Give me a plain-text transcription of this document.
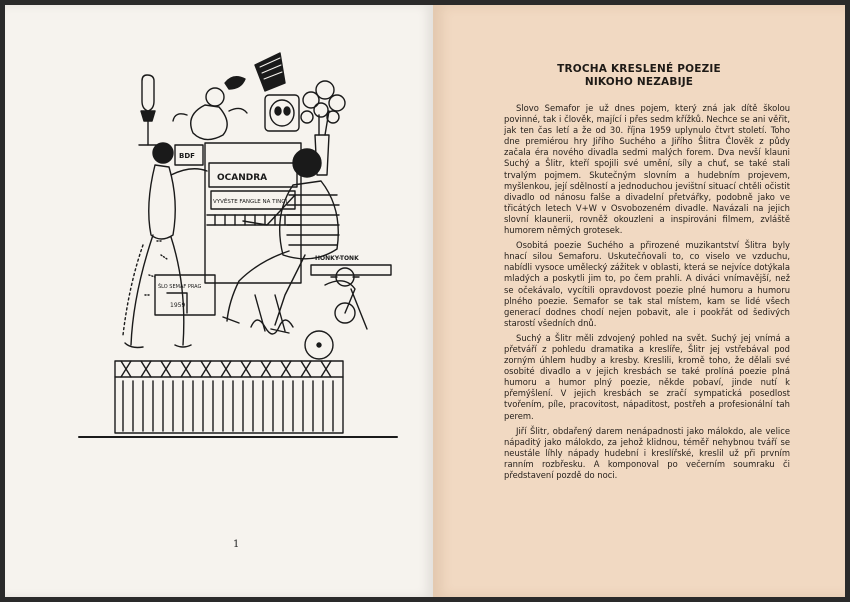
OCANDRA
VYVĚSTE FANGLE NA TINGL
HONKY-TONK
BDF
ŠLO SEMAF PRAG
1959
1
TROCHA KRESLENÉ POEZIE
NIKOHO NEZABIJE

Slovo Semafor je už dnes pojem, který zná jak dítě školou povinné, tak i člověk, mající i přes sedm křížků. Nechce se ani věřit, jak ten čas letí a že od 30. října 1959 uplynulo čtvrt století. Toho dne premiérou hry Jiřího Suchého a Jiřího Šlitra Člověk z půdy začala éra nového divadla sedmi malých forem. Dva nevší klauni Suchý a Šlitr, kteří spojili své umění, síly a chuť, se také stali trvalým pojmem. Skutečným slovním a hudebním projevem, myšlenkou, její sdělností a jednoduchou jevištní situací chtěli očistit divadlo od nánosu falše a divadelní přetvářky, podobně jako ve třicátých letech V+W v Osvobozeném divadle. Navázali na jejich slovní klaunerii, rovněž okouzleni a inspirováni filmem, zvláště humorem němých grotesek.

Osobitá poezie Suchého a přirozené muzikantství Šlitra byly hnací silou Semaforu. Uskutečňovali to, co viselo ve vzduchu, nabídli vysoce umělecký zážitek v oblasti, která se nejvíce dotýkala mladých a poskytli jim to, po čem prahli. A diváci vnímavější, než se očekávalo, vycítili opravdovost poezie plné humoru a humoru plného poezie. Semafor se tak stal místem, kam se lidé všech generací dodnes chodí nejen pobavit, ale i pookřát od šedivých starostí všedních dnů.

Suchý a Šlitr měli zdvojený pohled na svět. Suchý jej vnímá a přetváří z pohledu dramatika a kreslíře, Šlitr jej vstřebával pod zorným úhlem hudby a kresby. Kreslili, kromě toho, že dělali své osobité divadlo a v jejich kresbách se také prolíná poezie plná humoru a humor plný poezie, někde pobaví, jinde nutí k přemýšlení. V jejich kresbách se zračí sympatická posedlost tvořením, píle, pracovitost, nápaditost, postřeh a profesionální tah perem.

Jiří Šlitr, obdařený darem nenápadnosti jako málokdo, ale velice nápaditý jako málokdo, za jehož klidnou, téměř nehybnou tváří se neustále líhly nápady hudební i kreslířské, kreslil už při prvním ranním rozbřesku. A komponoval po večerním soumraku či představení pozdě do noci.
